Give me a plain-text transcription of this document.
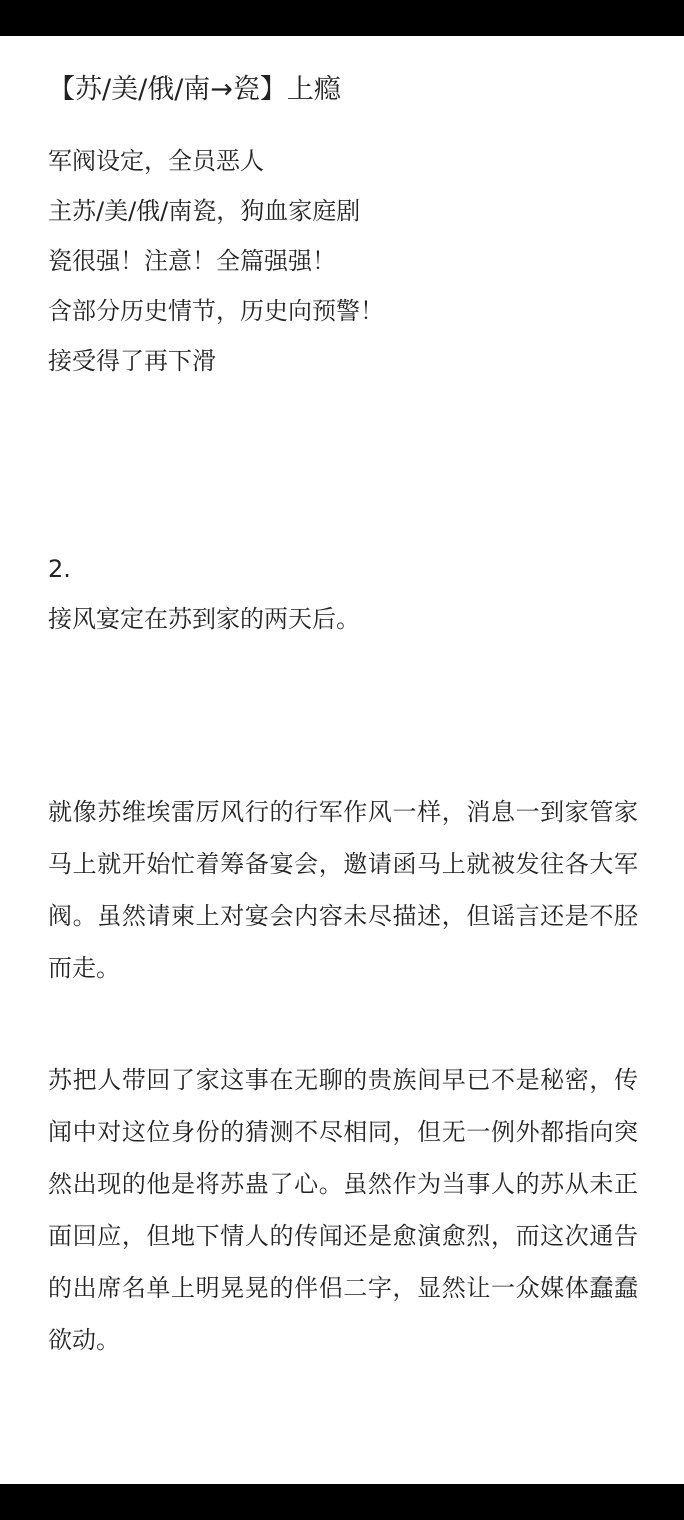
【苏/美/俄/南→瓷】上瘾
军阀设定，全员恶人
主苏/美/俄/南瓷，狗血家庭剧
瓷很强！注意！全篇强强！
含部分历史情节，历史向预警！
接受得了再下滑
2.
接风宴定在苏到家的两天后。
就像苏维埃雷厉风行的行军作风一样，消息一到家管家马上就开始忙着筹备宴会，邀请函马上就被发往各大军阀。虽然请柬上对宴会内容未尽描述，但谣言还是不胫而走。
苏把人带回了家这事在无聊的贵族间早已不是秘密，传闻中对这位身份的猜测不尽相同，但无一例外都指向突然出现的他是将苏蛊了心。虽然作为当事人的苏从未正面回应，但地下情人的传闻还是愈演愈烈，而这次通告的出席名单上明晃晃的伴侣二字，显然让一众媒体蠢蠢欲动。
